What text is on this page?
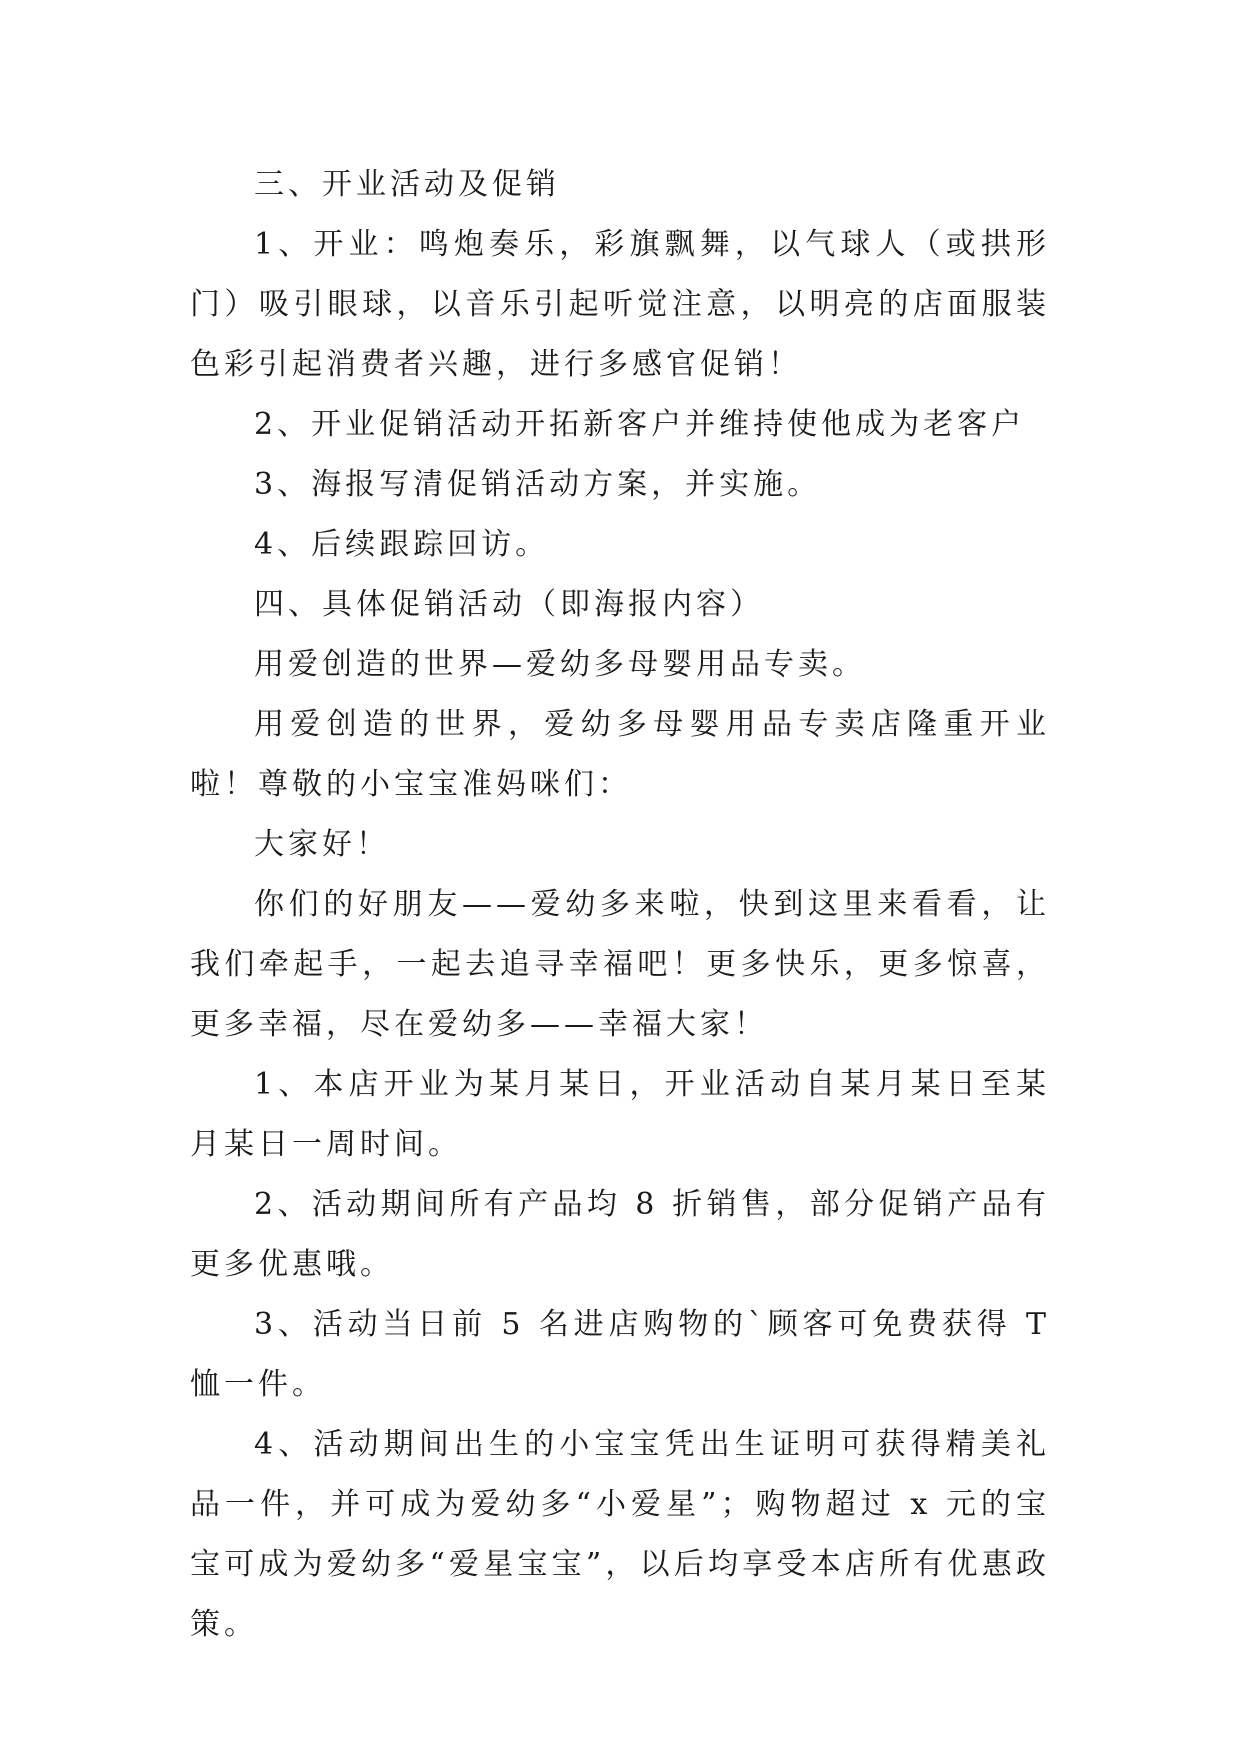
三、开业活动及促销

1、开业：鸣炮奏乐，彩旗飘舞，以气球人（或拱形门）吸引眼球，以音乐引起听觉注意，以明亮的店面服装色彩引起消费者兴趣，进行多感官促销！

2、开业促销活动开拓新客户并维持使他成为老客户

3、海报写清促销活动方案，并实施。

4、后续跟踪回访。

四、具体促销活动（即海报内容）

用爱创造的世界—爱幼多母婴用品专卖。

用爱创造的世界，爱幼多母婴用品专卖店隆重开业啦！尊敬的小宝宝准妈咪们：

大家好！

你们的好朋友——爱幼多来啦，快到这里来看看，让我们牵起手，一起去追寻幸福吧！更多快乐，更多惊喜，更多幸福，尽在爱幼多——幸福大家！

1、本店开业为某月某日，开业活动自某月某日至某月某日一周时间。

2、活动期间所有产品均 8 折销售，部分促销产品有更多优惠哦。

3、活动当日前 5 名进店购物的`顾客可免费获得 T 恤一件。

4、活动期间出生的小宝宝凭出生证明可获得精美礼品一件，并可成为爱幼多“小爱星”；购物超过 x 元的宝宝可成为爱幼多“爱星宝宝”，以后均享受本店所有优惠政策。
